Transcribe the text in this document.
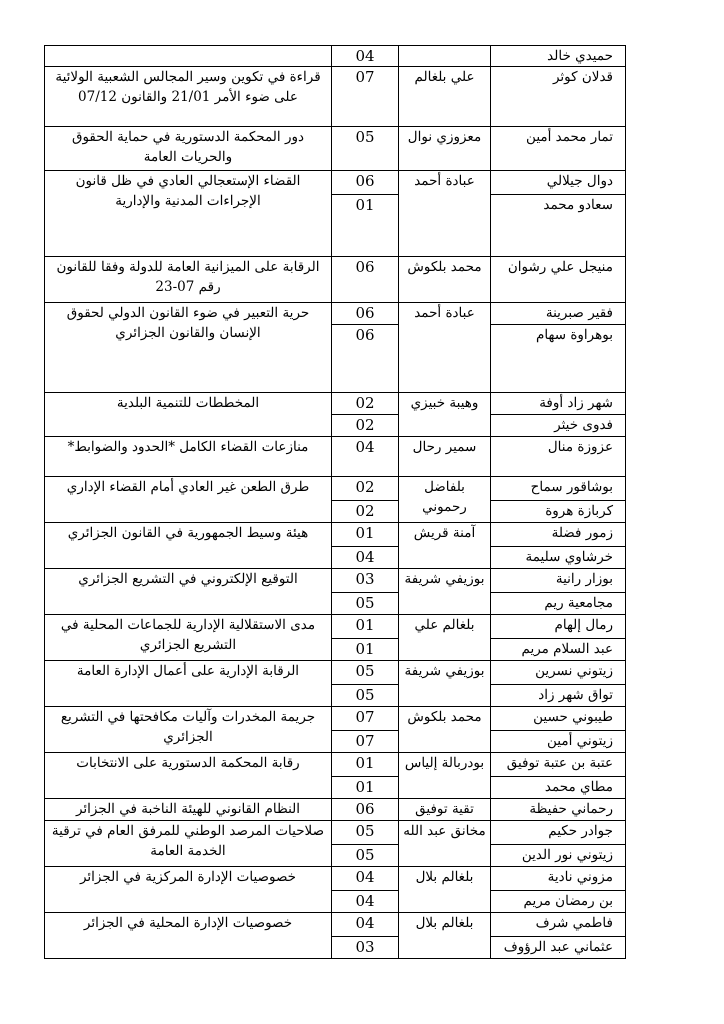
	04		حميدي خالد
قراءة في تكوين وسير المجالس الشعبية الولائية على ضوء الأمر 21/01 والقانون 07/12	07	علي بلغالم	قدلان كوثر
دور المحكمة الدستورية في حماية الحقوق والحريات العامة	05	معزوزي نوال	تمار محمد أمين
القضاء الإستعجالي العادي في ظل قانون الإجراءات المدنية والإدارية	06	عبادة أحمد	دوال جيلالي
	01		سعادو محمد
الرقابة على الميزانية العامة للدولة وفقا للقانون رقم 07-23	06	محمد بلكوش	منيجل علي رشوان
حرية التعبير في ضوء القانون الدولي لحقوق الإنسان والقانون الجزائري	06	عبادة أحمد	فقير صبرينة
	06		بوهراوة سهام
المخططات للتنمية البلدية	02	وهيبة خبيزي	شهر زاد أوفة
	02		فدوى خيثر
منازعات القضاء الكامل *الحدود والضوابط*	04	سمير رحال	عزوزة منال
طرق الطعن غير العادي أمام القضاء الإداري	02	بلفاضل رحموني	بوشاقور سماح
	02		كربازة هروة
هيئة وسيط الجمهورية في القانون الجزائري	01	آمنة قريش	زمور فضلة
	04		خرشاوي سليمة
التوقيع الإلكتروني في التشريع الجزائري	03	بوزيفي شريفة	بوزار رانية
	05		مجامعية ريم
مدى الاستقلالية الإدارية للجماعات المحلية في التشريع الجزائري	01	بلغالم علي	رمال إلهام
	01		عبد السلام مريم
الرقابة الإدارية على أعمال الإدارة العامة	05	بوزيفي شريفة	زيتوني نسرين
	05		تواق شهر زاد
جريمة المخدرات وآليات مكافحتها في التشريع الجزائري	07	محمد بلكوش	طيبوني حسين
	07		زيتوني أمين
رقابة المحكمة الدستورية على الانتخابات	01	بودربالة إلياس	عتبة بن عتبة توفيق
	01		مطاي محمد
النظام القانوني للهيئة الناخبة في الجزائر	06	تقية توفيق	رحماني حفيظة
صلاحيات المرصد الوطني للمرفق العام في ترقية الخدمة العامة	05	مخانق عبد الله	جوادر حكيم
	05		زيتوني نور الدين
خصوصيات الإدارة المركزية في الجزائر	04	بلغالم بلال	مزوني نادية
	04		بن رمضان مريم
خصوصيات الإدارة المحلية في الجزائر	04	بلغالم بلال	فاطمي شرف
	03		عثماني عبد الرؤوف
